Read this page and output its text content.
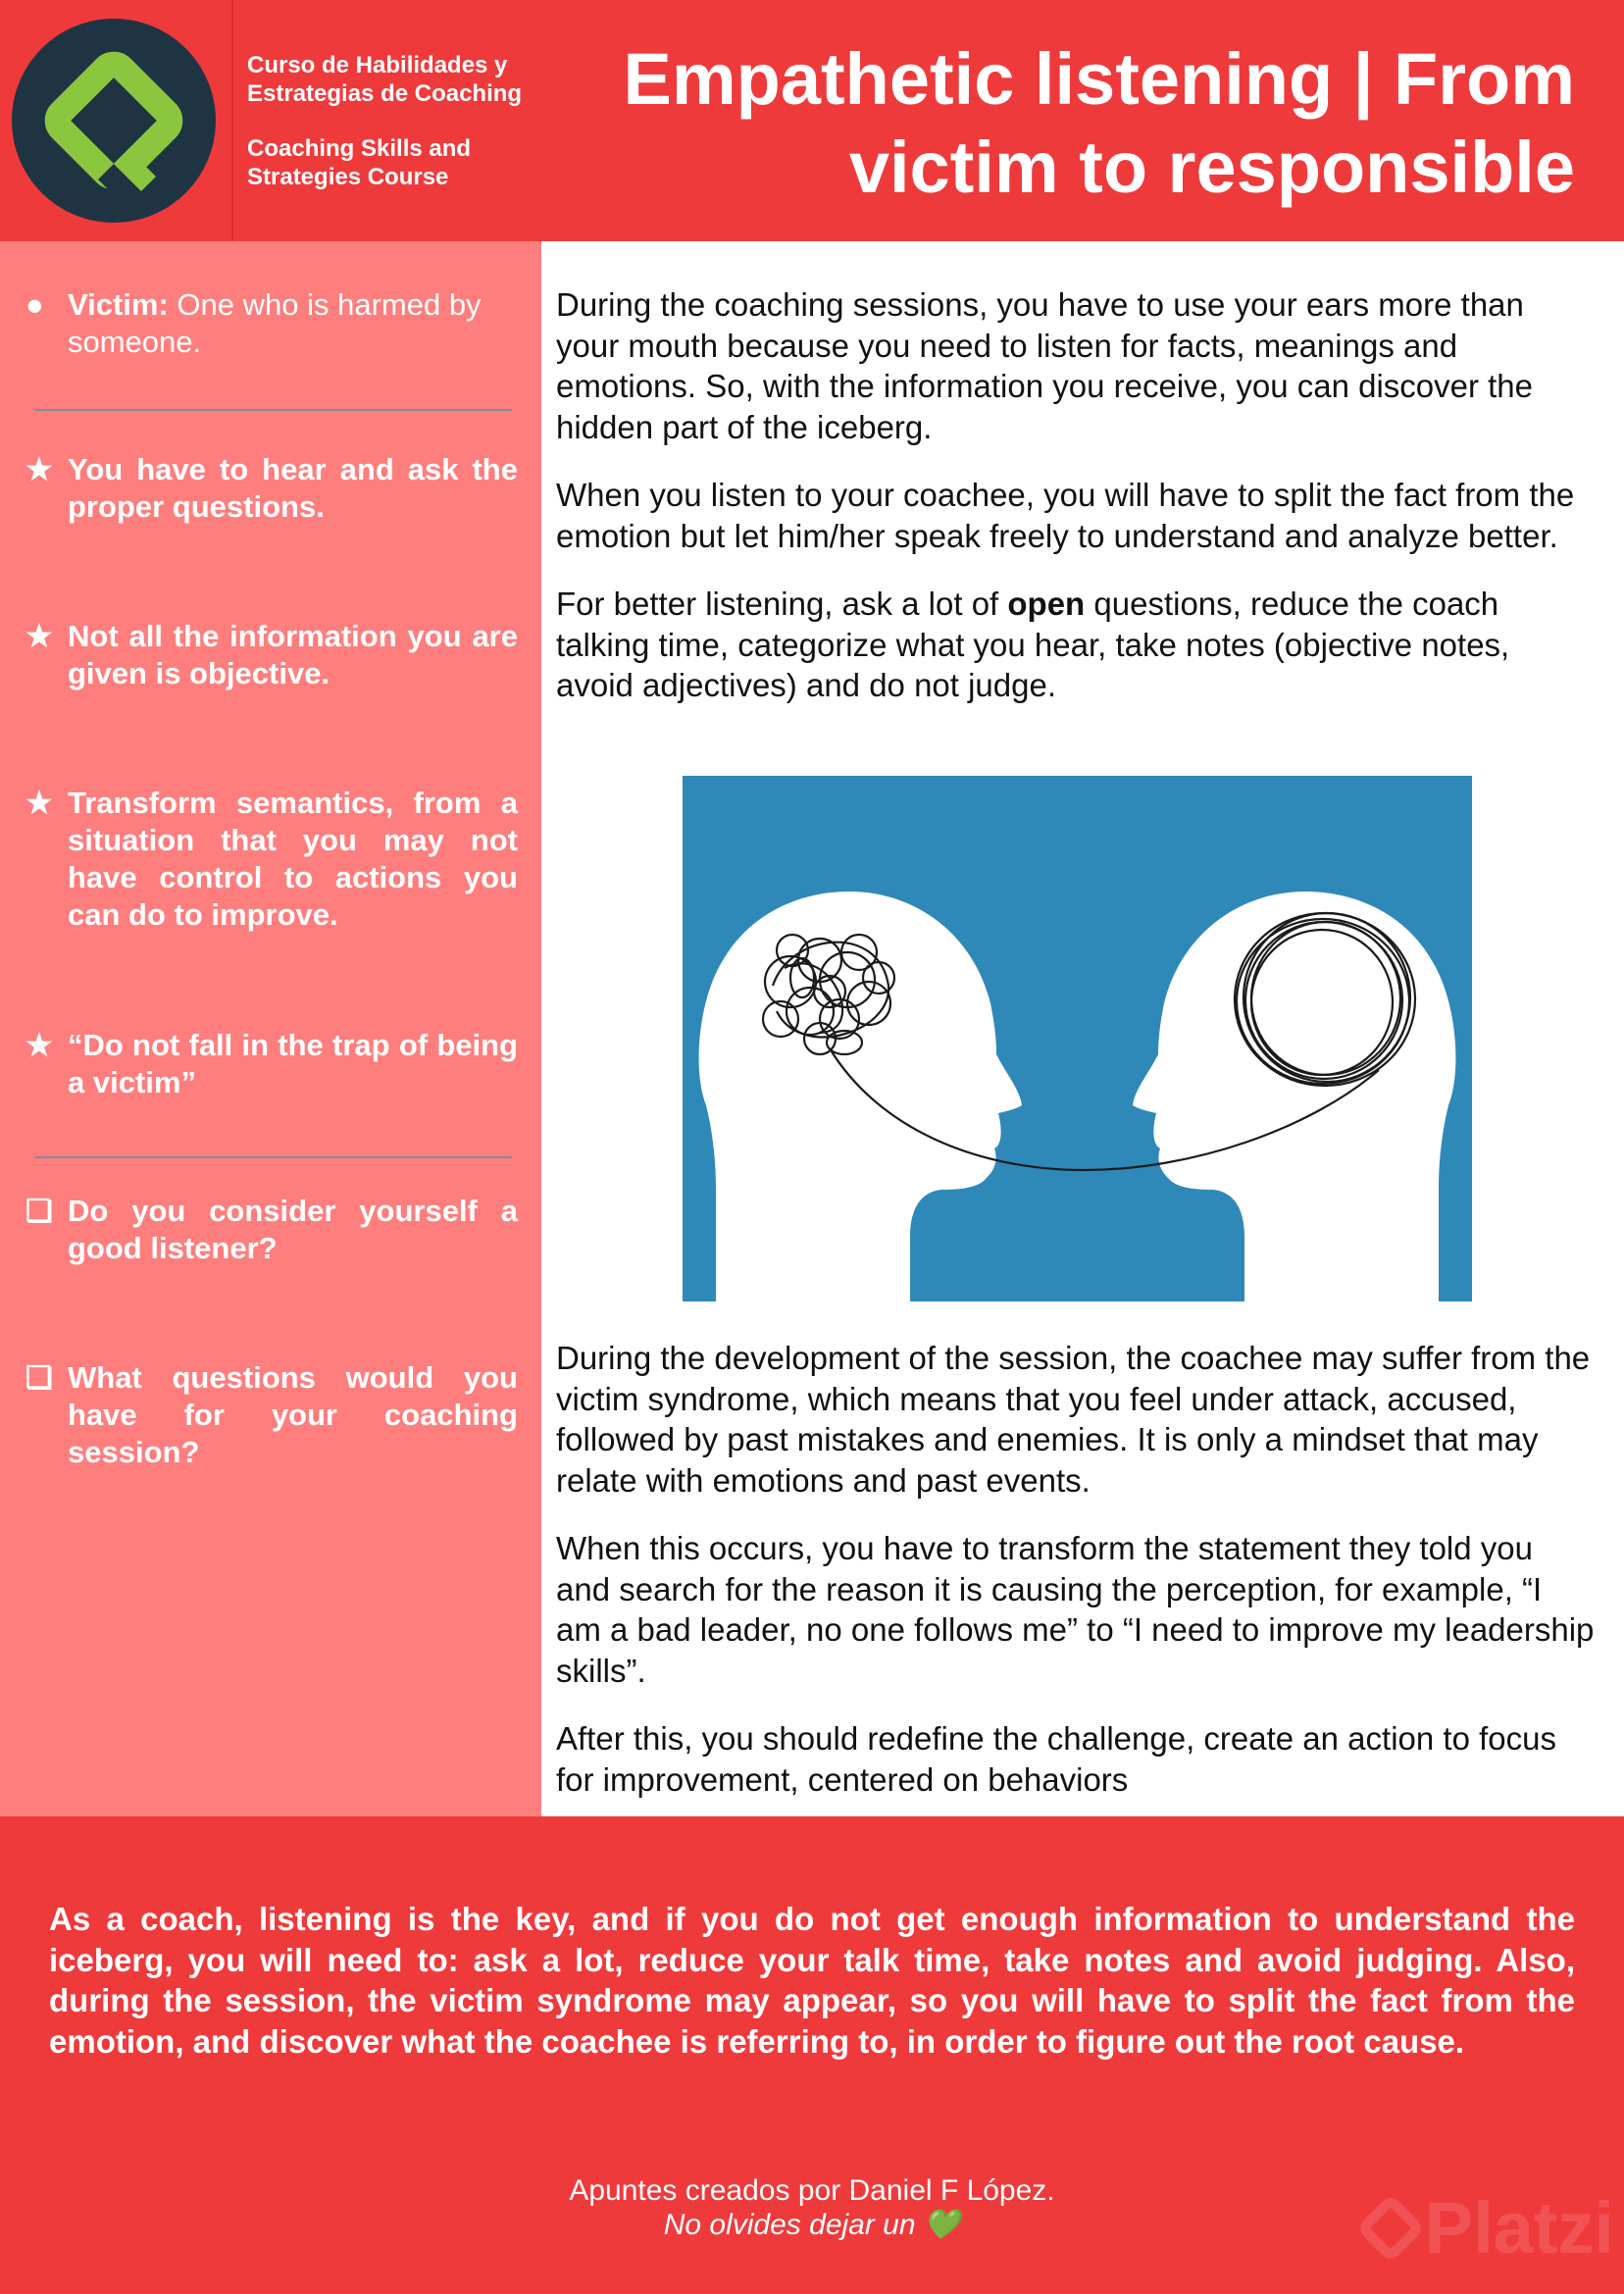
Curso de Habilidades y Estrategias de Coaching
Coaching Skills and Strategies Course
Empathetic listening | From victim to responsible
● Victim: One who is harmed by someone.
★ You have to hear and ask the proper questions.
★ Not all the information you are given is objective.
★ Transform semantics, from a situation that you may not have control to actions you can do to improve.
★ “Do not fall in the trap of being a victim”
❏ Do you consider yourself a good listener?
❏ What questions would you have for your coaching session?

During the coaching sessions, you have to use your ears more than your mouth because you need to listen for facts, meanings and emotions. So, with the information you receive, you can discover the hidden part of the iceberg.

When you listen to your coachee, you will have to split the fact from the emotion but let him/her speak freely to understand and analyze better.

For better listening, ask a lot of open questions, reduce the coach talking time, categorize what you hear, take notes (objective notes, avoid adjectives) and do not judge.

During the development of the session, the coachee may suffer from the victim syndrome, which means that you feel under attack, accused, followed by past mistakes and enemies. It is only a mindset that may relate with emotions and past events.

When this occurs, you have to transform the statement they told you and search for the reason it is causing the perception, for example, “I am a bad leader, no one follows me” to “I need to improve my leadership skills”.

After this, you should redefine the challenge, create an action to focus for improvement, centered on behaviors

As a coach, listening is the key, and if you do not get enough information to understand the iceberg, you will need to: ask a lot, reduce your talk time, take notes and avoid judging. Also, during the session, the victim syndrome may appear, so you will have to split the fact from the emotion, and discover what the coachee is referring to, in order to figure out the root cause.
Apuntes creados por Daniel F López.
No olvides dejar un 💚	Platzi
